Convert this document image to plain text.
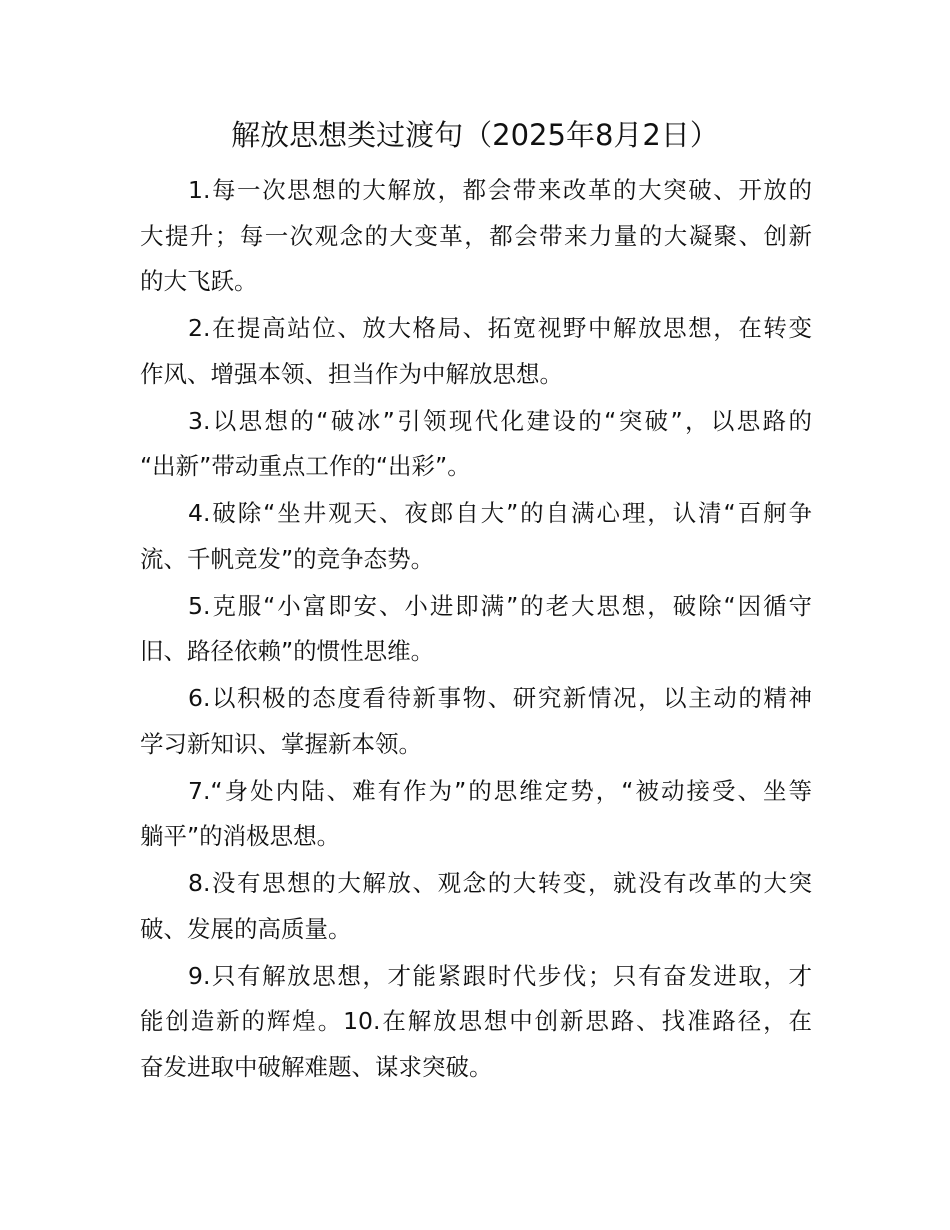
解放思想类过渡句（2025年8月2日）
1.每一次思想的大解放，都会带来改革的大突破、开放的
大提升；每一次观念的大变革，都会带来力量的大凝聚、创新
的大飞跃。
2.在提高站位、放大格局、拓宽视野中解放思想，在转变
作风、增强本领、担当作为中解放思想。
3.以思想的“破冰”引领现代化建设的“突破”，以思路的
“出新”带动重点工作的“出彩”。
4.破除“坐井观天、夜郎自大”的自满心理，认清“百舸争
流、千帆竞发”的竞争态势。
5.克服“小富即安、小进即满”的老大思想，破除“因循守
旧、路径依赖”的惯性思维。
6.以积极的态度看待新事物、研究新情况，以主动的精神
学习新知识、掌握新本领。
7.“身处内陆、难有作为”的思维定势，“被动接受、坐等
躺平”的消极思想。
8.没有思想的大解放、观念的大转变，就没有改革的大突
破、发展的高质量。
9.只有解放思想，才能紧跟时代步伐；只有奋发进取，才
能创造新的辉煌。10.在解放思想中创新思路、找准路径，在
奋发进取中破解难题、谋求突破。
